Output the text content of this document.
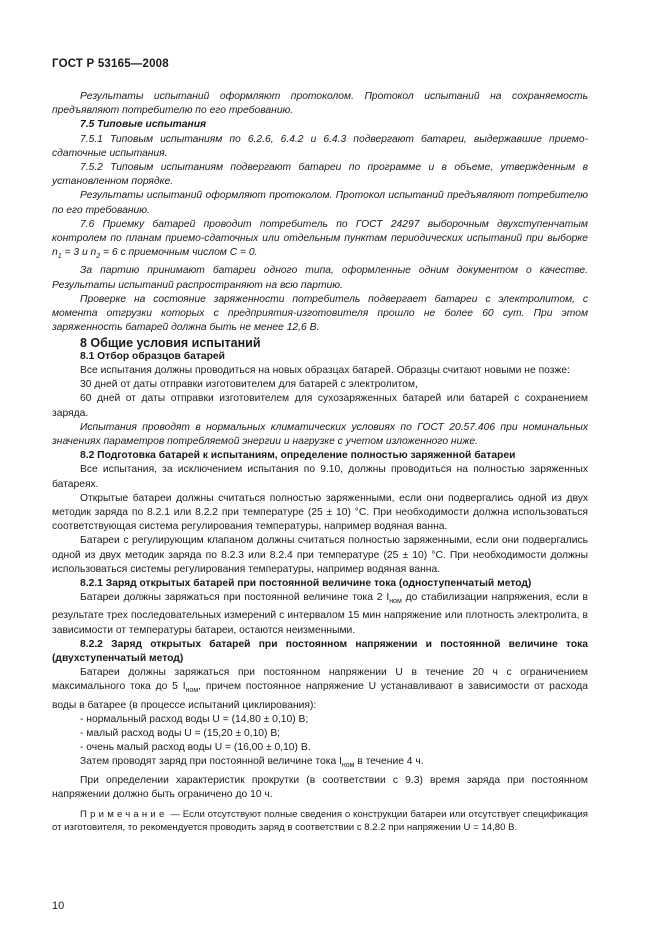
ГОСТ Р 53165—2008

Результаты испытаний оформляют протоколом. Протокол испытаний на сохраняемость предъявляют потребителю по его требованию.

7.5 Типовые испытания

7.5.1 Типовым испытаниям по 6.2.6, 6.4.2 и 6.4.3 подвергают батареи, выдержавшие приемо-сдаточные испытания.

7.5.2 Типовым испытаниям подвергают батареи по программе и в объеме, утвержденным в установленном порядке.

Результаты испытаний оформляют протоколом. Протокол испытаний предъявляют потребителю по его требованию.

7.6 Приемку батарей проводит потребитель по ГОСТ 24297 выборочным двухступенчатым контролем по планам приемо-сдаточных или отдельным пунктам периодических испытаний при выборке $n_1 = 3$ и $n_2 = 6$ с приемочным числом С = 0.

За партию принимают батареи одного типа, оформленные одним документом о качестве. Результаты испытаний распространяют на всю партию.

Проверке на состояние заряженности потребитель подвергает батареи с электролитом, с момента отгрузки которых с предприятия-изготовителя прошло не более 60 сут. При этом заряженность батарей должна быть не менее 12,6 В.

8 Общие условия испытаний

8.1 Отбор образцов батарей

Все испытания должны проводиться на новых образцах батарей. Образцы считают новыми не позже:

30 дней от даты отправки изготовителем для батарей с электролитом,

60 дней от даты отправки изготовителем для сухозаряженных батарей или батарей с сохранением заряда.

Испытания проводят в нормальных климатических условиях по ГОСТ 20.57.406 при номинальных значениях параметров потребляемой энергии и нагрузке с учетом изложенного ниже.

8.2 Подготовка батарей к испытаниям, определение полностью заряженной батареи

Все испытания, за исключением испытания по 9.10, должны проводиться на полностью заряженных батареях.

Открытые батареи должны считаться полностью заряженными, если они подвергались одной из двух методик заряда по 8.2.1 или 8.2.2 при температуре (25 ± 10) °С. При необходимости должна использоваться соответствующая система регулирования температуры, например водяная ванна.

Батареи с регулирующим клапаном должны считаться полностью заряженными, если они подвергались одной из двух методик заряда по 8.2.3 или 8.2.4 при температуре (25 ± 10) °С. При необходимости должны использоваться системы регулирования температуры, например водяная ванна.

8.2.1 Заряд открытых батарей при постоянной величине тока (одноступенчатый метод)

Батареи должны заряжаться при постоянной величине тока 2 $I_{ном}$ до стабилизации напряжения, если в результате трех последовательных измерений с интервалом 15 мин напряжение или плотность электролита, в зависимости от температуры батареи, остаются неизменными.

8.2.2 Заряд открытых батарей при постоянном напряжении и постоянной величине тока (двухступенчатый метод)

Батареи должны заряжаться при постоянном напряжении U в течение 20 ч с ограничением максимального тока до 5 $I_{ном}$, причем постоянное напряжение U устанавливают в зависимости от расхода воды в батарее (в процессе испытаний циклирования):

- нормальный расход воды U = (14,80 ± 0,10) В;

- малый расход воды U = (15,20 ± 0,10) В;

- очень малый расход воды U = (16,00 ± 0,10) В.

Затем проводят заряд при постоянной величине тока $I_{ном}$ в течение 4 ч.

При определении характеристик прокрутки (в соответствии с 9.3) время заряда при постоянном напряжении должно быть ограничено до 10 ч.

Примечание — Если отсутствуют полные сведения о конструкции батареи или отсутствует спецификация от изготовителя, то рекомендуется проводить заряд в соответствии с 8.2.2 при напряжении U = 14,80 В.

10
